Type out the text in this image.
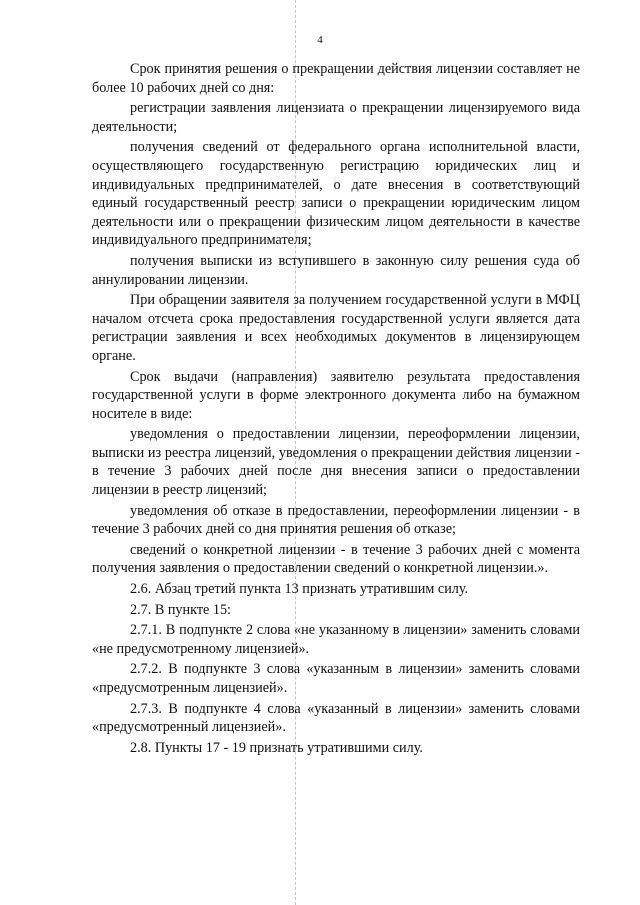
4

Срок принятия решения о прекращении действия лицензии составляет не более 10 рабочих дней со дня:

регистрации заявления лицензиата о прекращении лицензируемого вида деятельности;

получения сведений от федерального органа исполнительной власти, осуществляющего государственную регистрацию юридических лиц и индивидуальных предпринимателей, о дате внесения в соответствующий единый государственный реестр записи о прекращении юридическим лицом деятельности или о прекращении физическим лицом деятельности в качестве индивидуального предпринимателя;

получения выписки из вступившего в законную силу решения суда об аннулировании лицензии.

При обращении заявителя за получением государственной услуги в МФЦ началом отсчета срока предоставления государственной услуги является дата регистрации заявления и всех необходимых документов в лицензирующем органе.

Срок выдачи (направления) заявителю результата предоставления государственной услуги в форме электронного документа либо на бумажном носителе в виде:

уведомления о предоставлении лицензии, переоформлении лицензии, выписки из реестра лицензий, уведомления о прекращении действия лицензии - в течение 3 рабочих дней после дня внесения записи о предоставлении лицензии в реестр лицензий;

уведомления об отказе в предоставлении, переоформлении лицензии - в течение 3 рабочих дней со дня принятия решения об отказе;

сведений о конкретной лицензии - в течение 3 рабочих дней с момента получения заявления о предоставлении сведений о конкретной лицензии.».

2.6. Абзац третий пункта 13 признать утратившим силу.

2.7. В пункте 15:

2.7.1. В подпункте 2 слова «не указанному в лицензии» заменить словами «не предусмотренному лицензией».

2.7.2. В подпункте 3 слова «указанным в лицензии» заменить словами «предусмотренным лицензией».

2.7.3. В подпункте 4 слова «указанный в лицензии» заменить словами «предусмотренный лицензией».

2.8. Пункты 17 - 19 признать утратившими силу.
